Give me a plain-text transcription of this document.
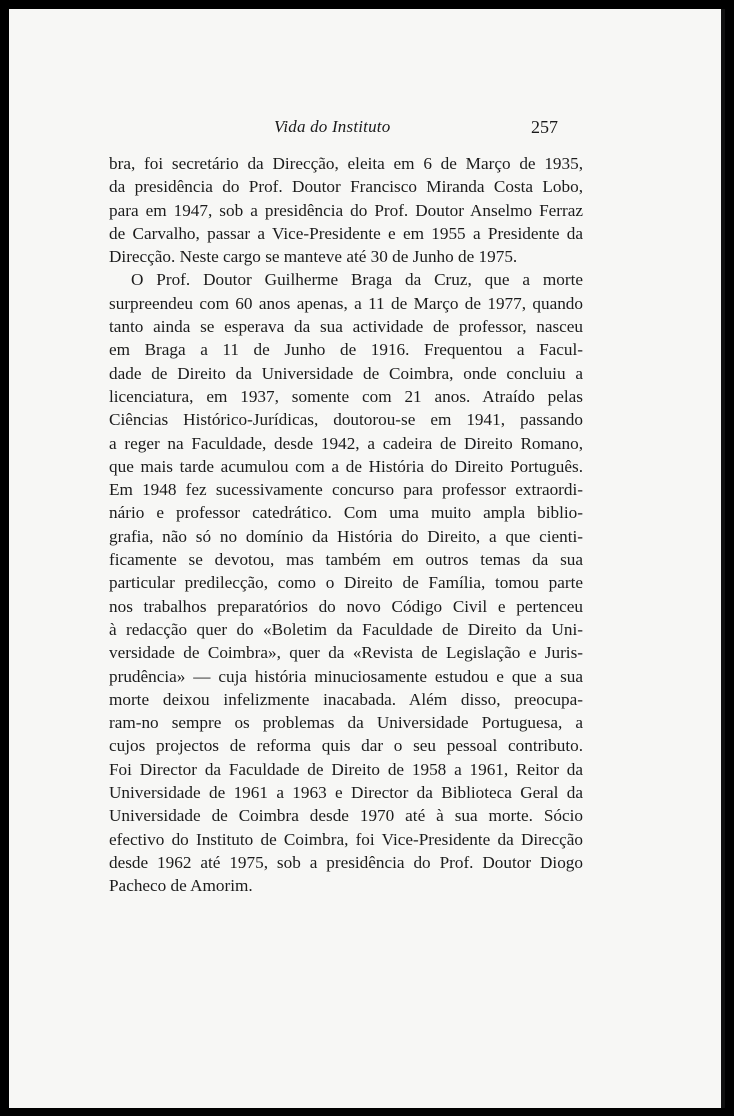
Vida do Instituto	257
bra, foi secretário da Direcção, eleita em 6 de Março de 1935,
da presidência do Prof. Doutor Francisco Miranda Costa Lobo,
para em 1947, sob a presidência do Prof. Doutor Anselmo Ferraz
de Carvalho, passar a Vice-Presidente e em 1955 a Presidente da
Direcção. Neste cargo se manteve até 30 de Junho de 1975.
O Prof. Doutor Guilherme Braga da Cruz, que a morte
surpreendeu com 60 anos apenas, a 11 de Março de 1977, quando
tanto ainda se esperava da sua actividade de professor, nasceu
em Braga a 11 de Junho de 1916. Frequentou a Facul-
dade de Direito da Universidade de Coimbra, onde concluiu a
licenciatura, em 1937, somente com 21 anos. Atraído pelas
Ciências Histórico-Jurídicas, doutorou-se em 1941, passando
a reger na Faculdade, desde 1942, a cadeira de Direito Romano,
que mais tarde acumulou com a de História do Direito Português.
Em 1948 fez sucessivamente concurso para professor extraordi-
nário e professor catedrático. Com uma muito ampla biblio-
grafia, não só no domínio da História do Direito, a que cienti-
ficamente se devotou, mas também em outros temas da sua
particular predilecção, como o Direito de Família, tomou parte
nos trabalhos preparatórios do novo Código Civil e pertenceu
à redacção quer do «Boletim da Faculdade de Direito da Uni-
versidade de Coimbra», quer da «Revista de Legislação e Juris-
prudência» — cuja história minuciosamente estudou e que a sua
morte deixou infelizmente inacabada. Além disso, preocupa-
ram-no sempre os problemas da Universidade Portuguesa, a
cujos projectos de reforma quis dar o seu pessoal contributo.
Foi Director da Faculdade de Direito de 1958 a 1961, Reitor da
Universidade de 1961 a 1963 e Director da Biblioteca Geral da
Universidade de Coimbra desde 1970 até à sua morte. Sócio
efectivo do Instituto de Coimbra, foi Vice-Presidente da Direcção
desde 1962 até 1975, sob a presidência do Prof. Doutor Diogo
Pacheco de Amorim.
